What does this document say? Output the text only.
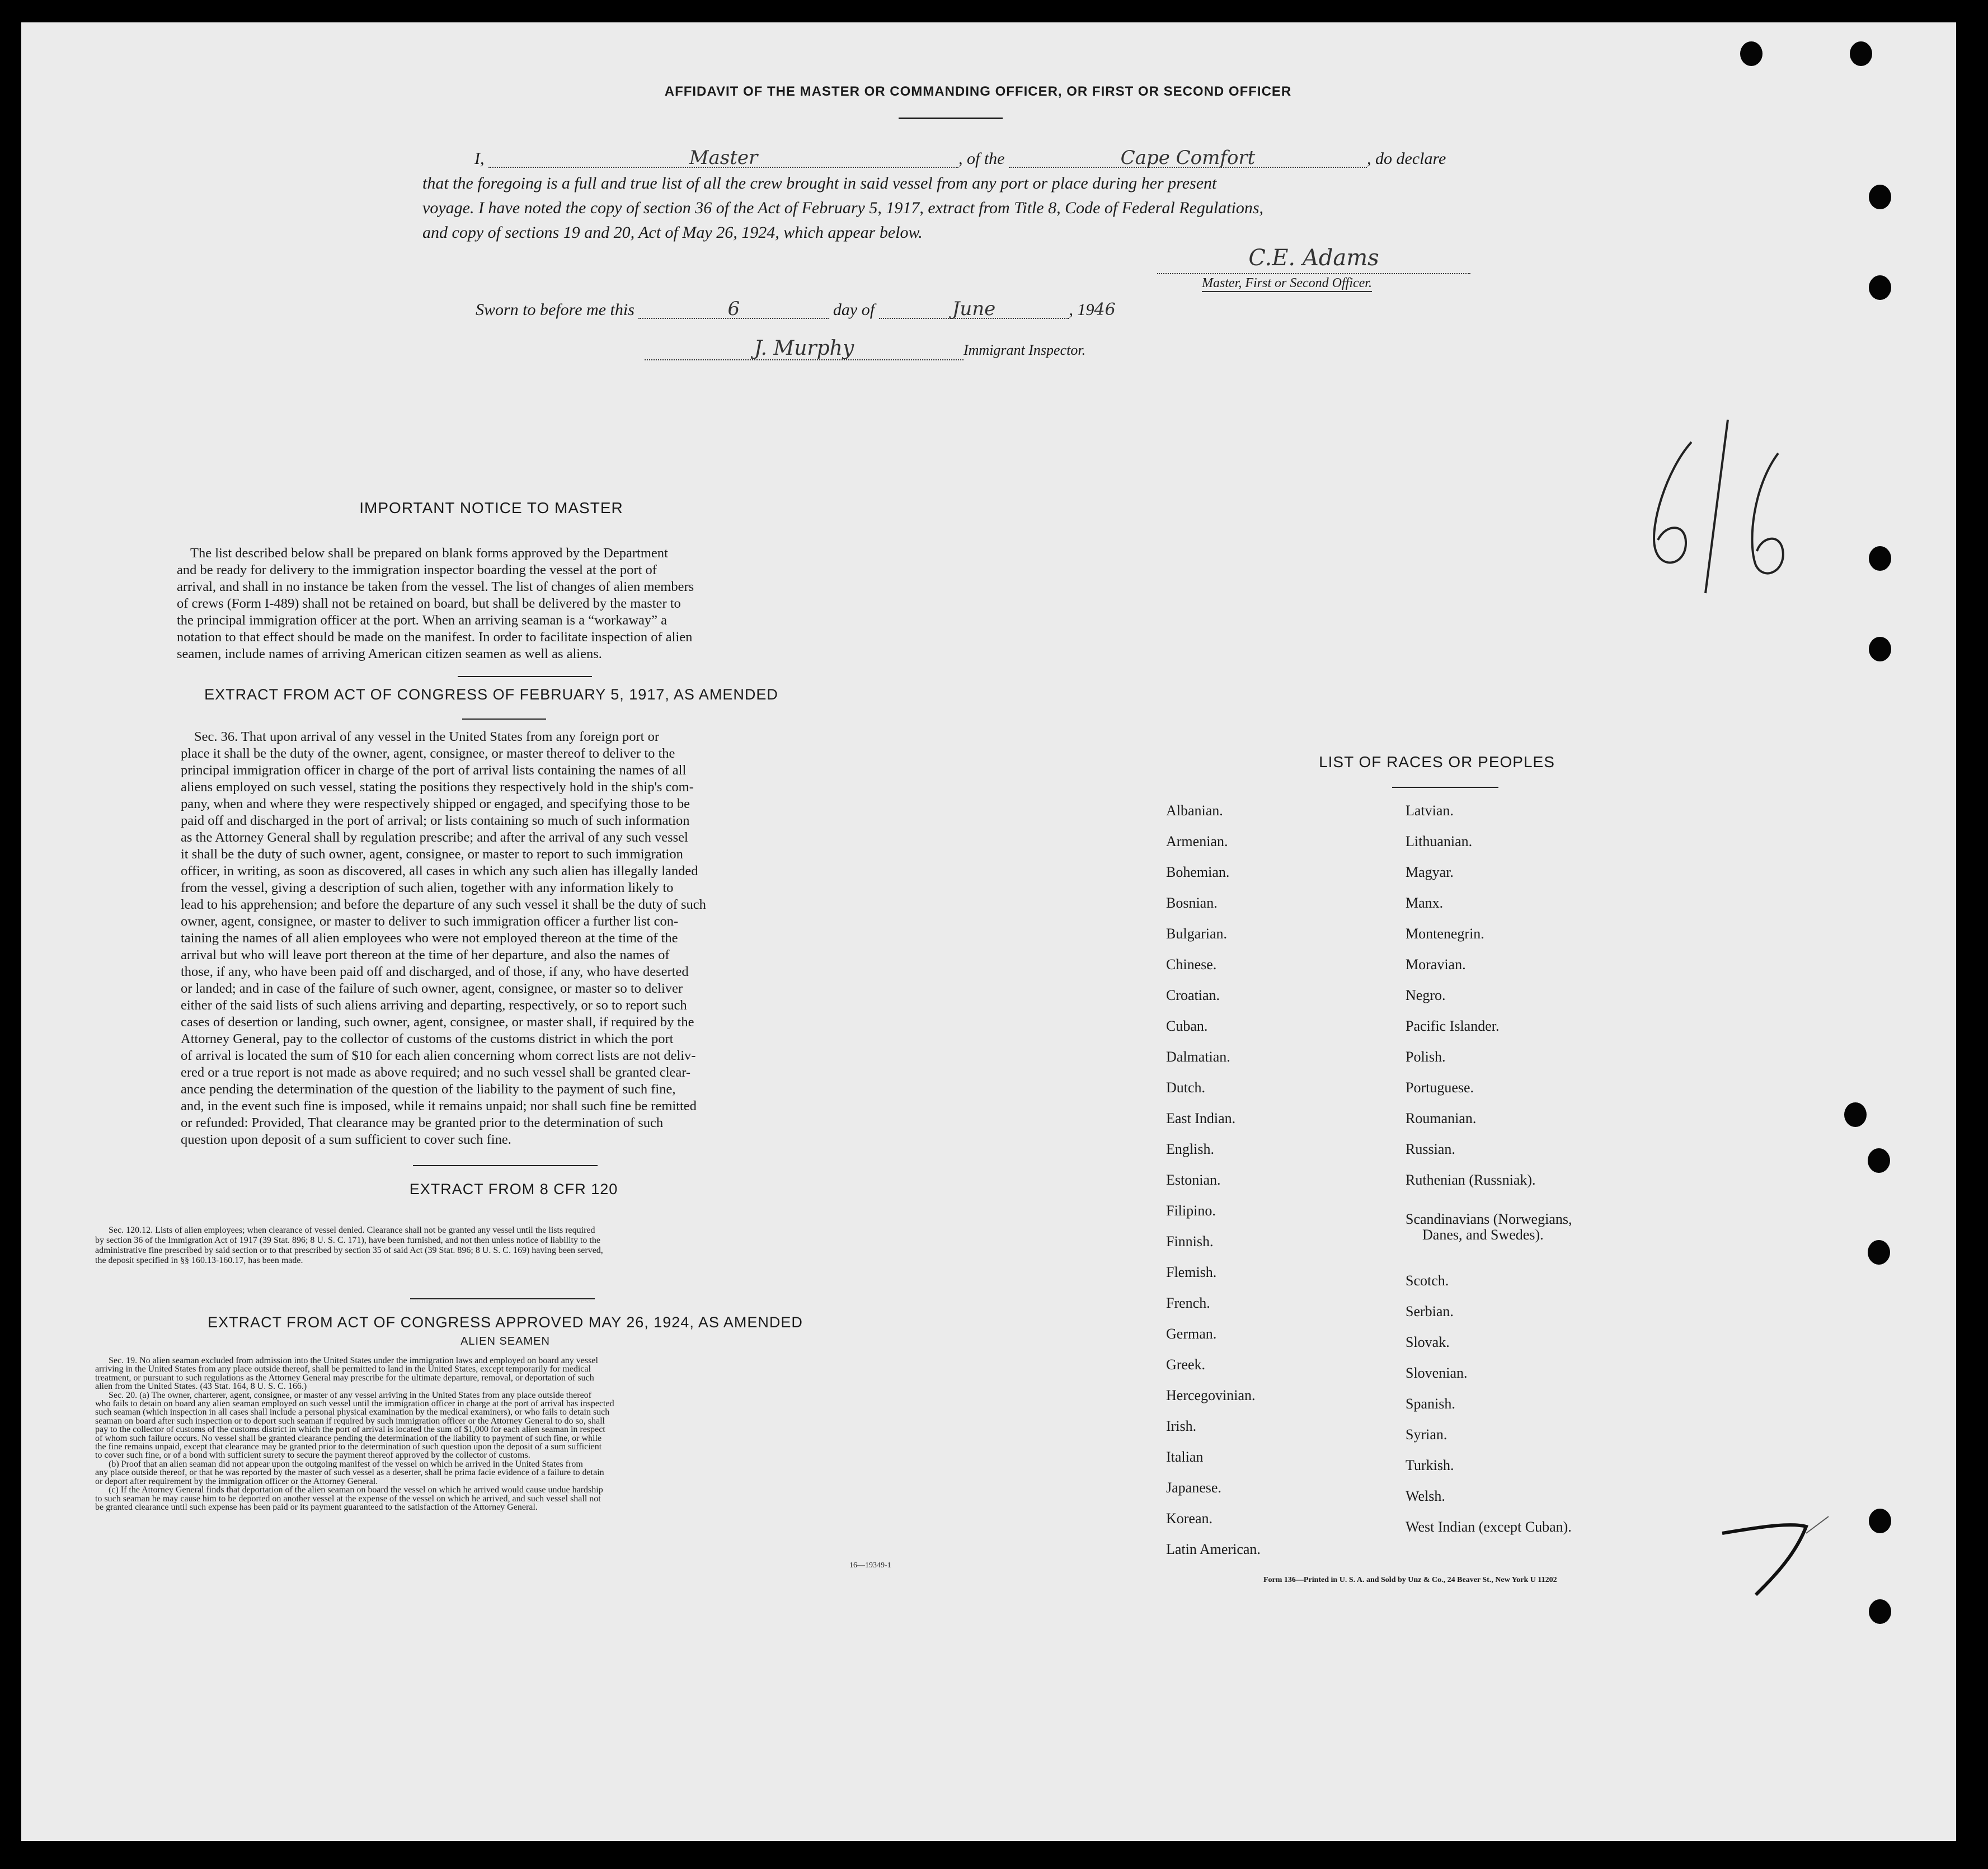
AFFIDAVIT OF THE MASTER OR COMMANDING OFFICER, OR FIRST OR SECOND OFFICER
I,	Master	, of the	Cape Comfort	, do declare
that the foregoing is a full and true list of all the crew brought in said vessel from any port or place during her present
voyage. I have noted the copy of section 36 of the Act of February 5, 1917, extract from Title 8, Code of Federal Regulations,
and copy of sections 19 and 20, Act of May 26, 1924, which appear below.
C.E. Adams
Master, First or Second Officer.
Sworn to before me this	6	day of	June	, 1946
J. Murphy	Immigrant Inspector.
IMPORTANT NOTICE TO MASTER
The list described below shall be prepared on blank forms approved by the Department
and be ready for delivery to the immigration inspector boarding the vessel at the port of
arrival, and shall in no instance be taken from the vessel. The list of changes of alien members
of crews (Form I-489) shall not be retained on board, but shall be delivered by the master to
the principal immigration officer at the port. When an arriving seaman is a “workaway” a
notation to that effect should be made on the manifest. In order to facilitate inspection of alien
seamen, include names of arriving American citizen seamen as well as aliens.
EXTRACT FROM ACT OF CONGRESS OF FEBRUARY 5, 1917, AS AMENDED
Sec. 36. That upon arrival of any vessel in the United States from any foreign port or
place it shall be the duty of the owner, agent, consignee, or master thereof to deliver to the
principal immigration officer in charge of the port of arrival lists containing the names of all
aliens employed on such vessel, stating the positions they respectively hold in the ship's com-
pany, when and where they were respectively shipped or engaged, and specifying those to be
paid off and discharged in the port of arrival; or lists containing so much of such information
as the Attorney General shall by regulation prescribe; and after the arrival of any such vessel
it shall be the duty of such owner, agent, consignee, or master to report to such immigration
officer, in writing, as soon as discovered, all cases in which any such alien has illegally landed
from the vessel, giving a description of such alien, together with any information likely to
lead to his apprehension; and before the departure of any such vessel it shall be the duty of such
owner, agent, consignee, or master to deliver to such immigration officer a further list con-
taining the names of all alien employees who were not employed thereon at the time of the
arrival but who will leave port thereon at the time of her departure, and also the names of
those, if any, who have been paid off and discharged, and of those, if any, who have deserted
or landed; and in case of the failure of such owner, agent, consignee, or master so to deliver
either of the said lists of such aliens arriving and departing, respectively, or so to report such
cases of desertion or landing, such owner, agent, consignee, or master shall, if required by the
Attorney General, pay to the collector of customs of the customs district in which the port
of arrival is located the sum of $10 for each alien concerning whom correct lists are not deliv-
ered or a true report is not made as above required; and no such vessel shall be granted clear-
ance pending the determination of the question of the liability to the payment of such fine,
and, in the event such fine is imposed, while it remains unpaid; nor shall such fine be remitted
or refunded: Provided, That clearance may be granted prior to the determination of such
question upon deposit of a sum sufficient to cover such fine.
EXTRACT FROM 8 CFR 120
Sec. 120.12. Lists of alien employees; when clearance of vessel denied. Clearance shall not be granted any vessel until the lists required
by section 36 of the Immigration Act of 1917 (39 Stat. 896; 8 U. S. C. 171), have been furnished, and not then unless notice of liability to the
administrative fine prescribed by said section or to that prescribed by section 35 of said Act (39 Stat. 896; 8 U. S. C. 169) having been served,
the deposit specified in §§ 160.13-160.17, has been made.
EXTRACT FROM ACT OF CONGRESS APPROVED MAY 26, 1924, AS AMENDED
ALIEN SEAMEN
Sec. 19. No alien seaman excluded from admission into the United States under the immigration laws and employed on board any vessel
arriving in the United States from any place outside thereof, shall be permitted to land in the United States, except temporarily for medical
treatment, or pursuant to such regulations as the Attorney General may prescribe for the ultimate departure, removal, or deportation of such
alien from the United States. (43 Stat. 164, 8 U. S. C. 166.)
Sec. 20. (a) The owner, charterer, agent, consignee, or master of any vessel arriving in the United States from any place outside thereof
who fails to detain on board any alien seaman employed on such vessel until the immigration officer in charge at the port of arrival has inspected
such seaman (which inspection in all cases shall include a personal physical examination by the medical examiners), or who fails to detain such
seaman on board after such inspection or to deport such seaman if required by such immigration officer or the Attorney General to do so, shall
pay to the collector of customs of the customs district in which the port of arrival is located the sum of $1,000 for each alien seaman in respect
of whom such failure occurs. No vessel shall be granted clearance pending the determination of the liability to payment of such fine, or while
the fine remains unpaid, except that clearance may be granted prior to the determination of such question upon the deposit of a sum sufficient
to cover such fine, or of a bond with sufficient surety to secure the payment thereof approved by the collector of customs.
(b) Proof that an alien seaman did not appear upon the outgoing manifest of the vessel on which he arrived in the United States from
any place outside thereof, or that he was reported by the master of such vessel as a deserter, shall be prima facie evidence of a failure to detain
or deport after requirement by the immigration officer or the Attorney General.
(c) If the Attorney General finds that deportation of the alien seaman on board the vessel on which he arrived would cause undue hardship
to such seaman he may cause him to be deported on another vessel at the expense of the vessel on which he arrived, and such vessel shall not
be granted clearance until such expense has been paid or its payment guaranteed to the satisfaction of the Attorney General.
16—19349-1
LIST OF RACES OR PEOPLES
Albanian.
Armenian.
Bohemian.
Bosnian.
Bulgarian.
Chinese.
Croatian.
Cuban.
Dalmatian.
Dutch.
East Indian.
English.
Estonian.
Filipino.
Finnish.
Flemish.
French.
German.
Greek.
Hercegovinian.
Irish.
Italian
Japanese.
Korean.
Latin American.
Latvian.
Lithuanian.
Magyar.
Manx.
Montenegrin.
Moravian.
Negro.
Pacific Islander.
Polish.
Portuguese.
Roumanian.
Russian.
Ruthenian (Russniak).
Scandinavians (Norwegians,
Danes, and Swedes).
Scotch.
Serbian.
Slovak.
Slovenian.
Spanish.
Syrian.
Turkish.
Welsh.
West Indian (except Cuban).
Form 136—Printed in U. S. A. and Sold by Unz & Co., 24 Beaver St., New York U 11202
